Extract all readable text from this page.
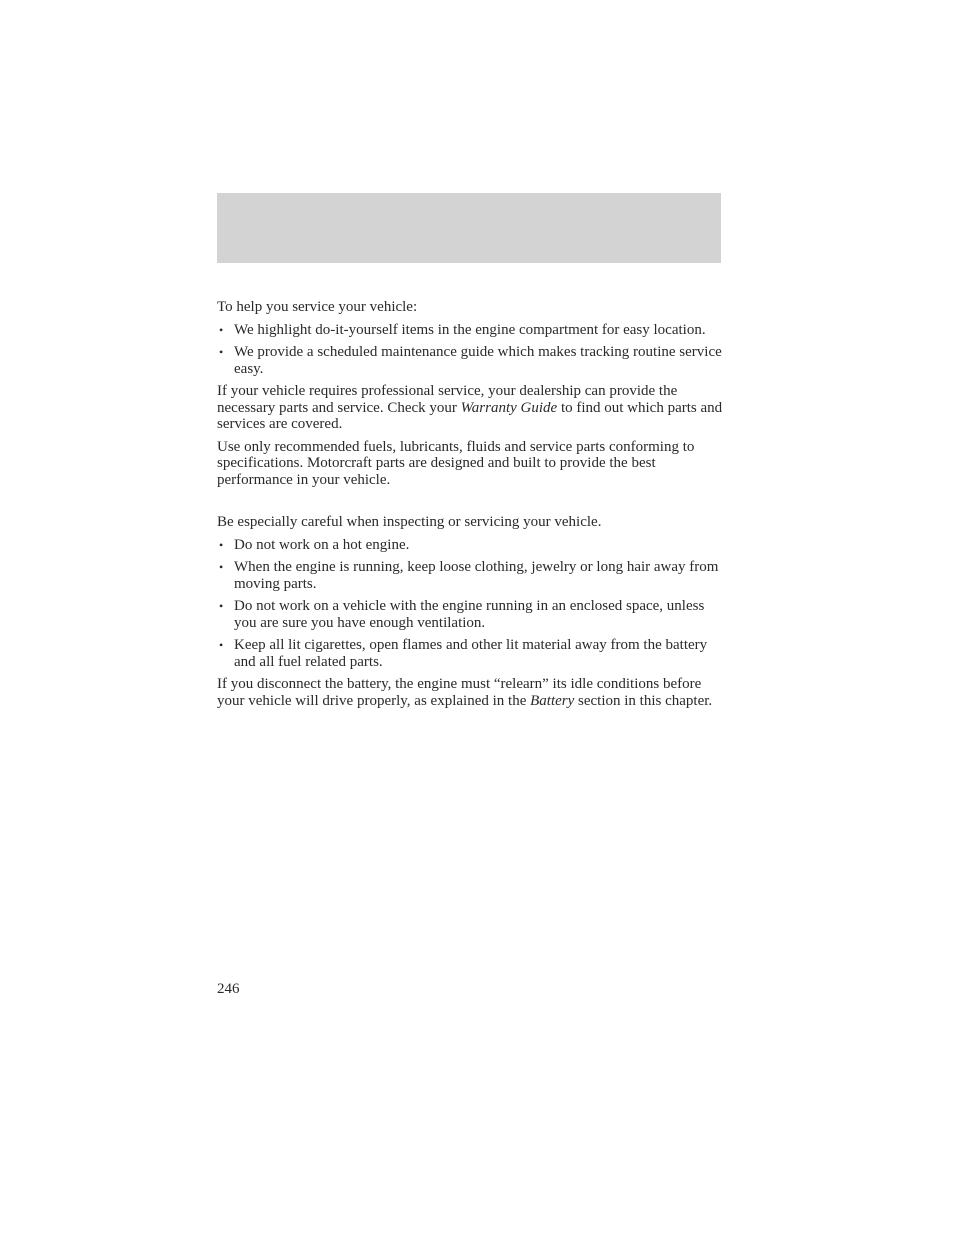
To help you service your vehicle:

• We highlight do-it-yourself items in the engine compartment for easy location.
• We provide a scheduled maintenance guide which makes tracking routine service easy.

If your vehicle requires professional service, your dealership can provide the necessary parts and service. Check your Warranty Guide to find out which parts and services are covered.

Use only recommended fuels, lubricants, fluids and service parts conforming to specifications. Motorcraft parts are designed and built to provide the best performance in your vehicle.

Be especially careful when inspecting or servicing your vehicle.

• Do not work on a hot engine.
• When the engine is running, keep loose clothing, jewelry or long hair away from moving parts.
• Do not work on a vehicle with the engine running in an enclosed space, unless you are sure you have enough ventilation.
• Keep all lit cigarettes, open flames and other lit material away from the battery and all fuel related parts.

If you disconnect the battery, the engine must “relearn” its idle conditions before your vehicle will drive properly, as explained in the Battery section in this chapter.

246
